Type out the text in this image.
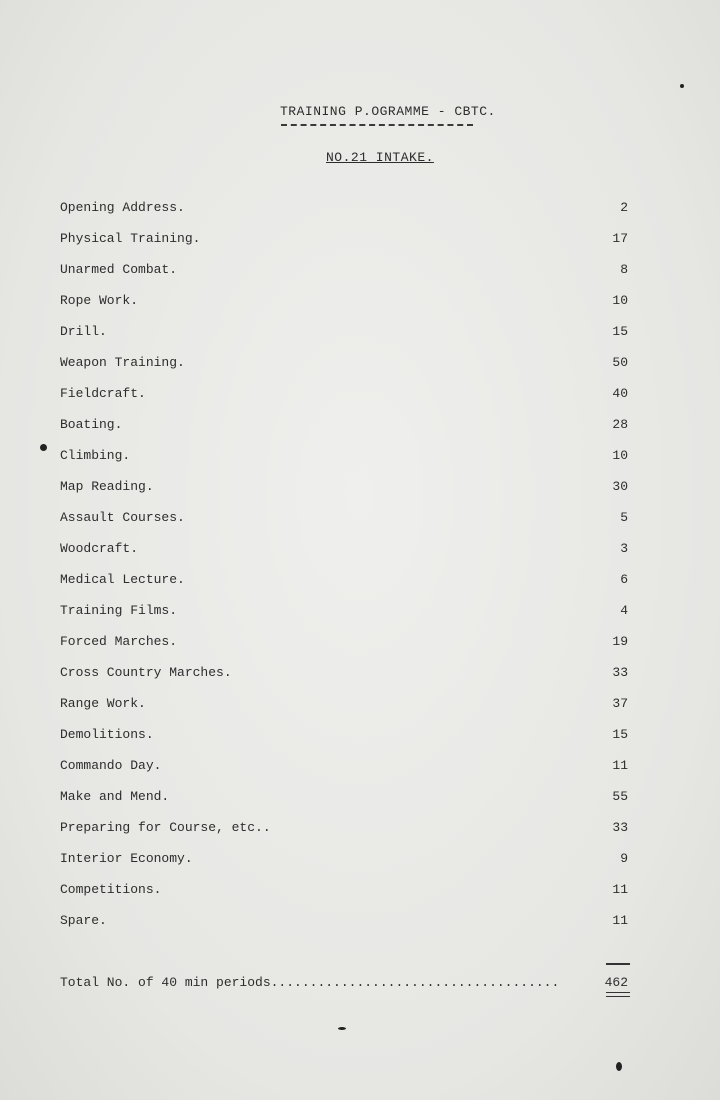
TRAINING P.OGRAMME - CBTC.
NO.21 INTAKE.
Opening Address.	2
Physical Training.	17
Unarmed Combat.	8
Rope Work.	10
Drill.	15
Weapon Training.	50
Fieldcraft.	40
Boating.	28
Climbing.	10
Map Reading.	30
Assault Courses.	5
Woodcraft.	3
Medical Lecture.	6
Training Films.	4
Forced Marches.	19
Cross Country Marches.	33
Range Work.	37
Demolitions.	15
Commando Day.	11
Make and Mend.	55
Preparing for Course, etc..	33
Interior Economy.	9
Competitions.	11
Spare.	11
Total No. of 40 min periods.....................................	462
